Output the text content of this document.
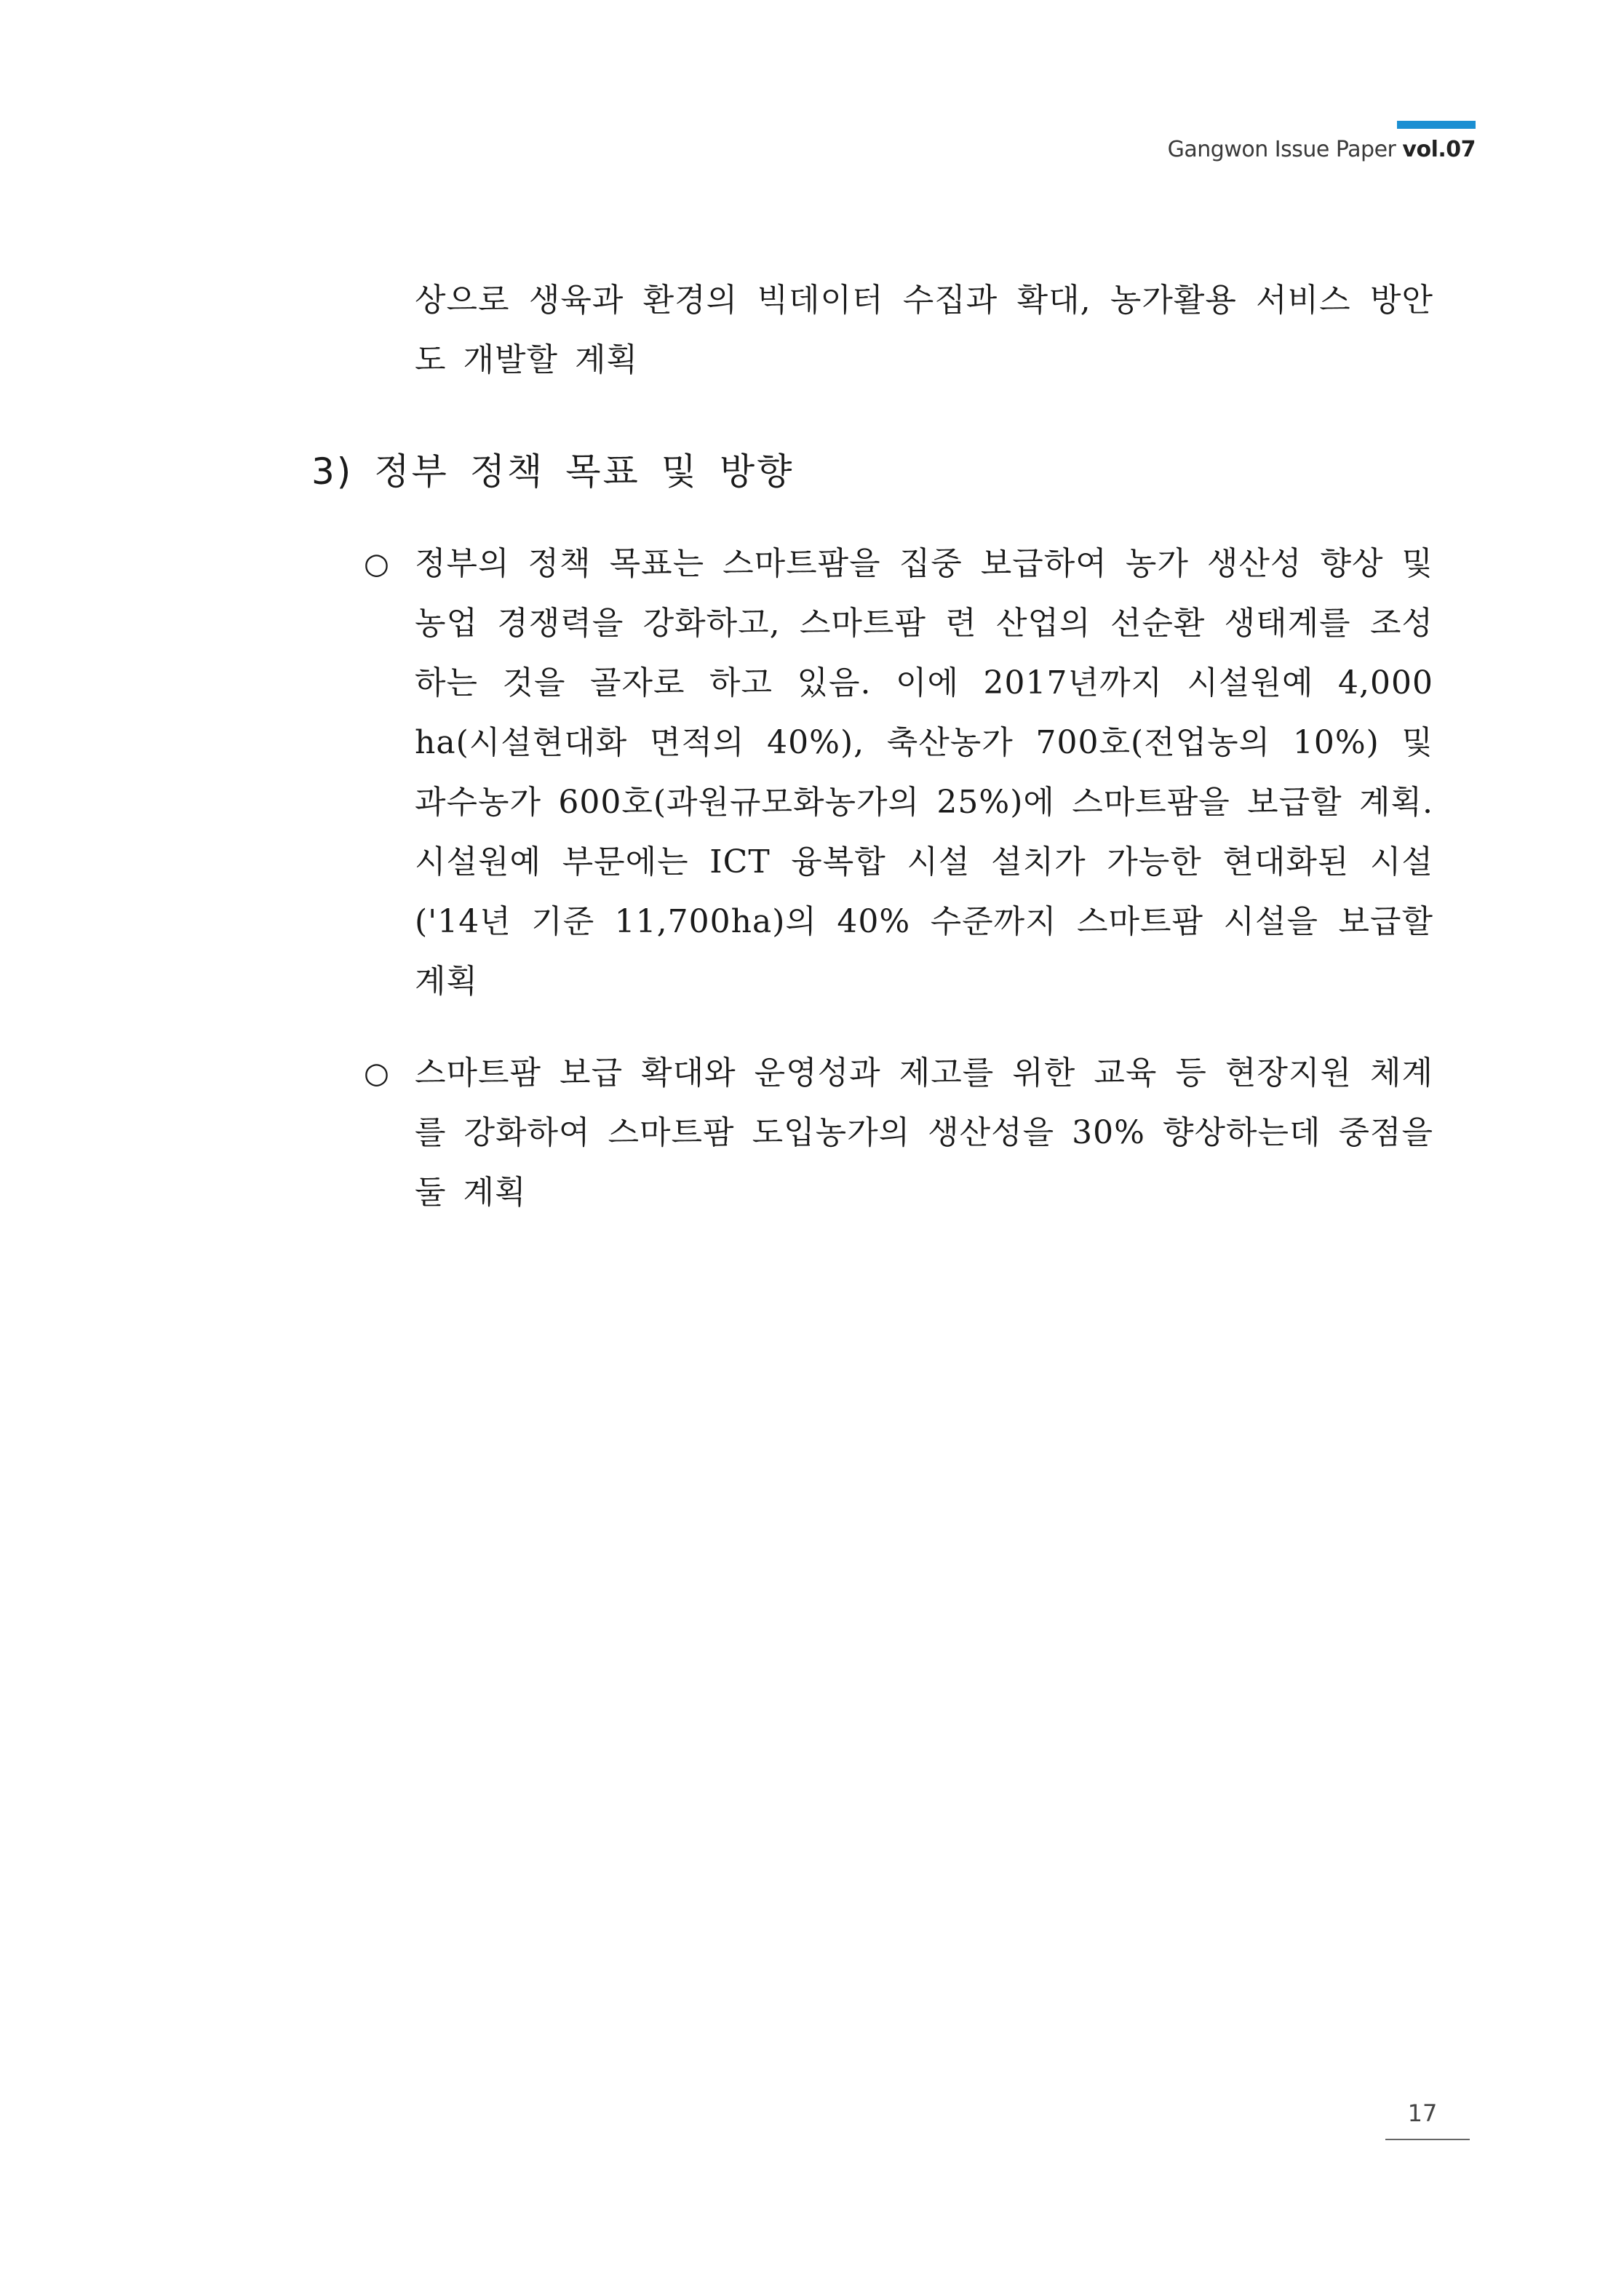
Gangwon Issue Paper vol.07
상으로 생육과 환경의 빅데이터 수집과 확대, 농가활용 서비스 방안도 개발할 계획
3) 정부 정책 목표 및 방향
○ 정부의 정책 목표는 스마트팜을 집중 보급하여 농가 생산성 향상 및 농업 경쟁력을 강화하고, 스마트팜 련 산업의 선순환 생태계를 조성하는 것을 골자로 하고 있음. 이에 2017년까지 시설원예 4,000 ha(시설현대화 면적의 40%), 축산농가 700호(전업농의 10%) 및 과수농가 600호(과원규모화농가의 25%)에 스마트팜을 보급할 계획. 시설원예 부문에는 ICT 융복합 시설 설치가 가능한 현대화된 시설('14년 기준 11,700ha)의 40% 수준까지 스마트팜 시설을 보급할 계획
○ 스마트팜 보급 확대와 운영성과 제고를 위한 교육 등 현장지원 체계를 강화하여 스마트팜 도입농가의 생산성을 30% 향상하는데 중점을 둘 계획
17
